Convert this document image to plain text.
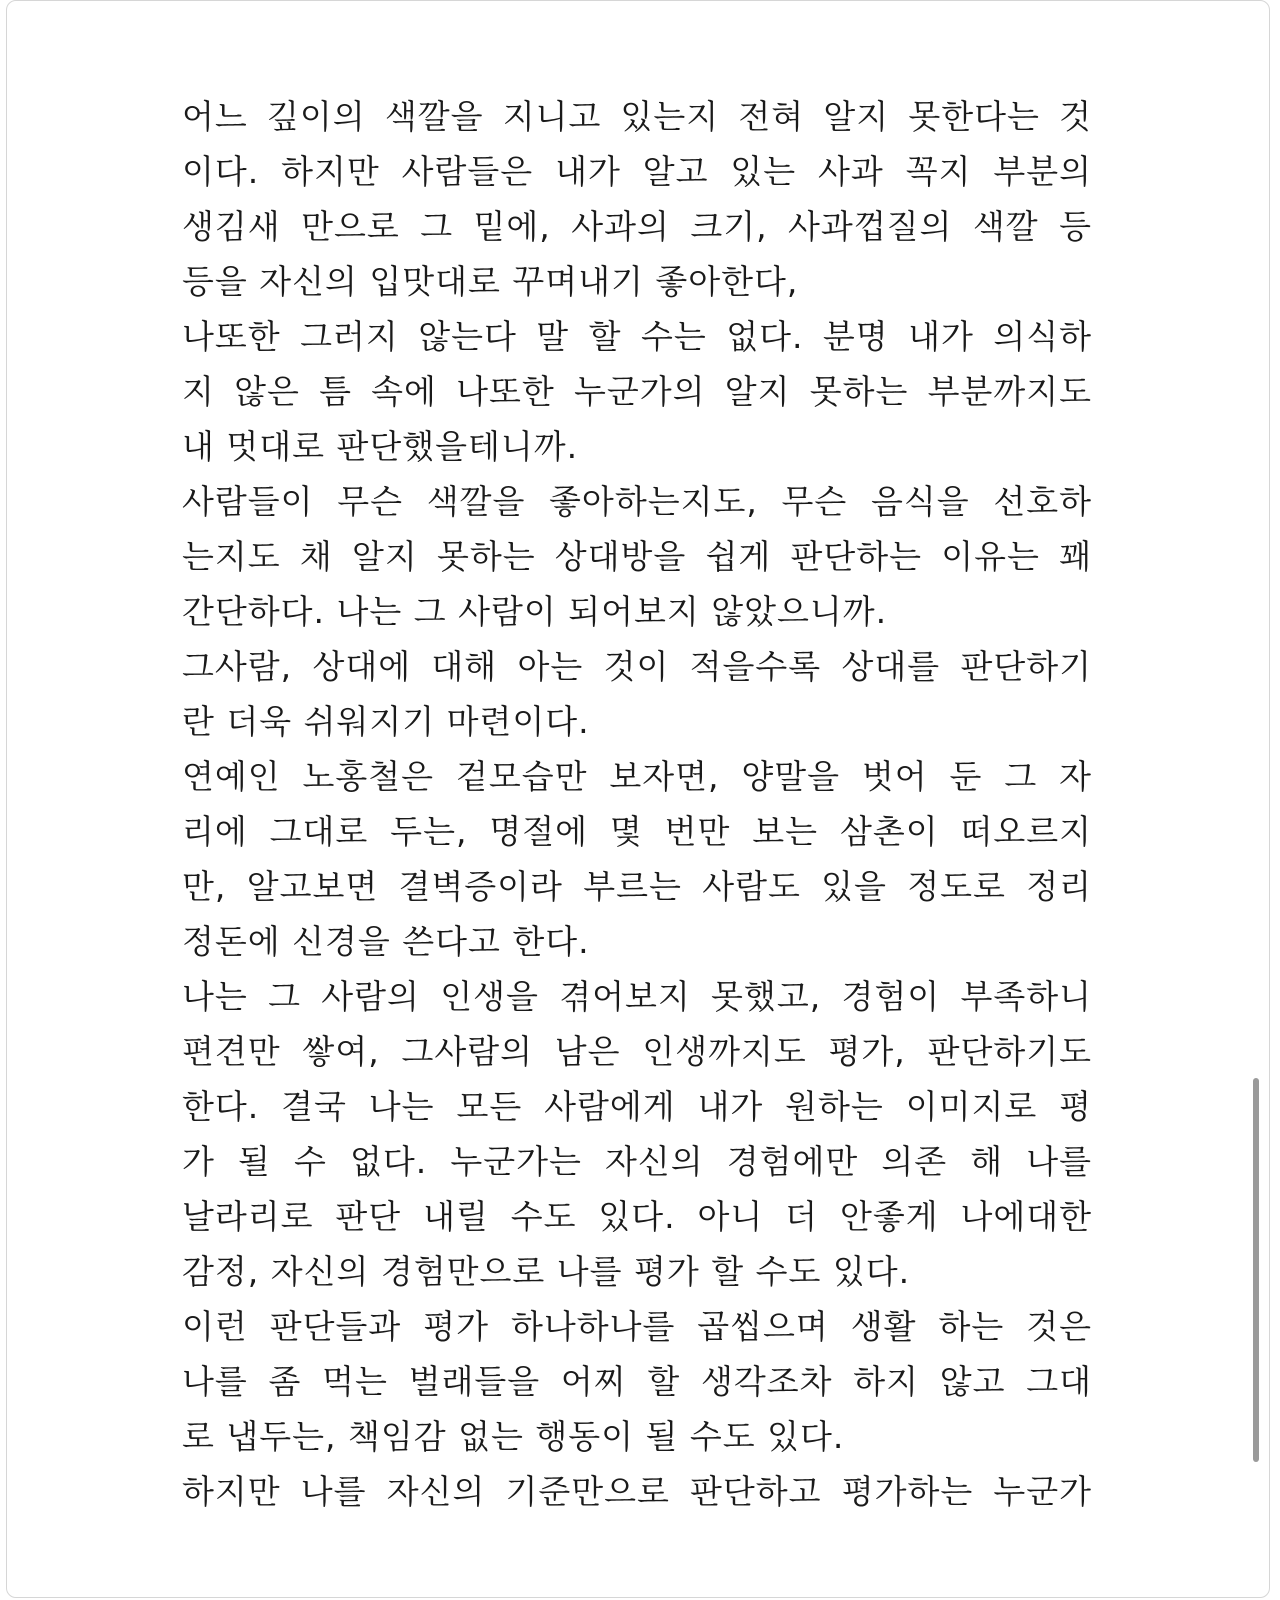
어느 깊이의 색깔을 지니고 있는지 전혀 알지 못한다는 것
이다. 하지만 사람들은 내가 알고 있는 사과 꼭지 부분의
생김새 만으로 그 밑에, 사과의 크기, 사과껍질의 색깔 등
등을 자신의 입맛대로 꾸며내기 좋아한다,
나또한 그러지 않는다 말 할 수는 없다. 분명 내가 의식하
지 않은 틈 속에 나또한 누군가의 알지 못하는 부분까지도
내 멋대로 판단했을테니까.
사람들이 무슨 색깔을 좋아하는지도, 무슨 음식을 선호하
는지도 채 알지 못하는 상대방을 쉽게 판단하는 이유는 꽤
간단하다. 나는 그 사람이 되어보지 않았으니까.
그사람, 상대에 대해 아는 것이 적을수록 상대를 판단하기
란 더욱 쉬워지기 마련이다.
연예인 노홍철은 겉모습만 보자면, 양말을 벗어 둔 그 자
리에 그대로 두는, 명절에 몇 번만 보는 삼촌이 떠오르지
만, 알고보면 결벽증이라 부르는 사람도 있을 정도로 정리
정돈에 신경을 쓴다고 한다.
나는 그 사람의 인생을 겪어보지 못했고, 경험이 부족하니
편견만 쌓여, 그사람의 남은 인생까지도 평가, 판단하기도
한다. 결국 나는 모든 사람에게 내가 원하는 이미지로 평
가 될 수 없다. 누군가는 자신의 경험에만 의존 해 나를
날라리로 판단 내릴 수도 있다. 아니 더 안좋게 나에대한
감정, 자신의 경험만으로 나를 평가 할 수도 있다.
이런 판단들과 평가 하나하나를 곱씹으며 생활 하는 것은
나를 좀 먹는 벌래들을 어찌 할 생각조차 하지 않고 그대
로 냅두는, 책임감 없는 행동이 될 수도 있다.
하지만 나를 자신의 기준만으로 판단하고 평가하는 누군가
